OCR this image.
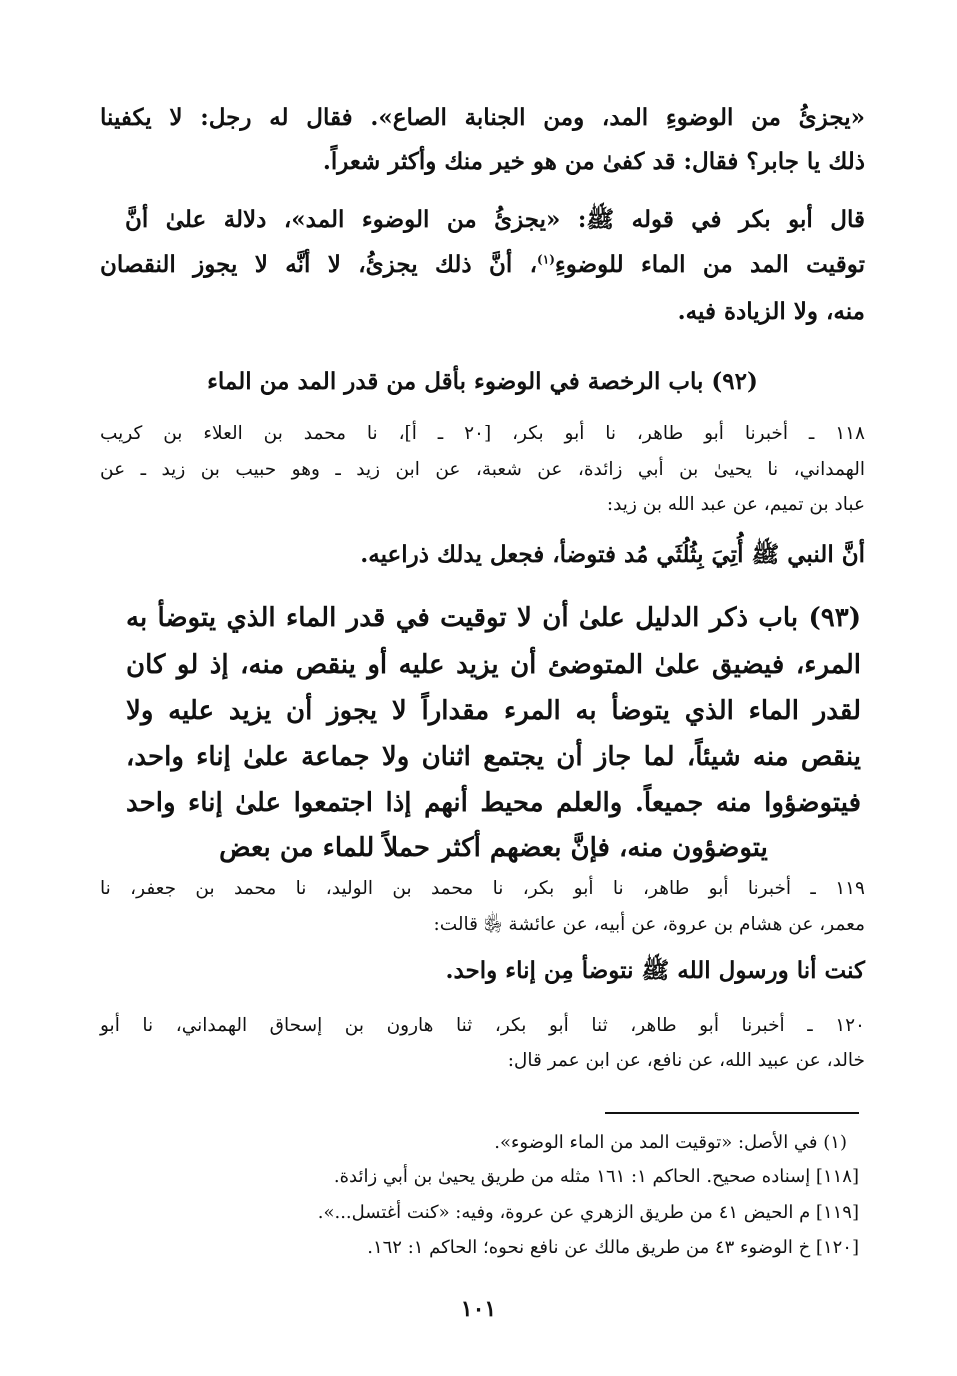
«يجزئُ من الوضوءِ المد، ومن الجنابة الصاع». فقال له رجل: لا يكفينا
ذلك يا جابر؟ فقال: قد كفىٰ من هو خير منك وأكثر شعراً.
قال أبو بكر في قوله ﷺ: «يجزئُ من الوضوء المد»، دلالة علىٰ أنَّ
توقيت المد من الماء للوضوءِ$^{(١)}$، أنَّ ذلك يجزئُ، لا أنَّه لا يجوز النقصان
منه، ولا الزيادة فيه.
(٩٢) باب الرخصة في الوضوء بأقل من قدر المد من الماء
١١٨ ـ أخبرنا أبو طاهر، نا أبو بكر، [٢٠ ـ أ]، نا محمد بن العلاء بن كريب
الهمداني، نا يحيىٰ بن أبي زائدة، عن شعبة، عن ابن زيد ـ وهو حبيب بن زيد ـ عن
عباد بن تميم، عن عبد الله بن زيد:
أنَّ النبي ﷺ أُتِيَ بِثُلُثَي مُد فتوضأ، فجعل يدلك ذراعيه.
(٩٣) باب ذكر الدليل علىٰ أن لا توقيت في قدر الماء الذي يتوضأ به
المرء، فيضيق علىٰ المتوضئ أن يزيد عليه أو ينقص منه، إذ لو كان
لقدر الماء الذي يتوضأ به المرء مقداراً لا يجوز أن يزيد عليه ولا
ينقص منه شيئاً، لما جاز أن يجتمع اثنان ولا جماعة علىٰ إناء واحد،
فيتوضؤوا منه جميعاً. والعلم محيط أنهم إذا اجتمعوا علىٰ إناء واحد
يتوضؤون منه، فإنَّ بعضهم أكثر حملاً للماء من بعض
١١٩ ـ أخبرنا أبو طاهر، نا أبو بكر، نا محمد بن الوليد، نا محمد بن جعفر، نا
معمر، عن هشام بن عروة، عن أبيه، عن عائشة ﵂ قالت:
كنت أنا ورسول الله ﷺ نتوضأ مِن إناء واحد.
١٢٠ ـ أخبرنا أبو طاهر، ثنا أبو بكر، ثنا هارون بن إسحاق الهمداني، نا أبو
خالد، عن عبيد الله، عن نافع، عن ابن عمر قال:
(١) في الأصل: «توقيت المد من الماء الوضوء».
[١١٨] إسناده صحيح. الحاكم ١: ١٦١ مثله من طريق يحيىٰ بن أبي زائدة.
[١١٩] م الحيض ٤١ من طريق الزهري عن عروة، وفيه: «كنت أغتسل...».
[١٢٠] خ الوضوء ٤٣ من طريق مالك عن نافع نحوه؛ الحاكم ١: ١٦٢.
١٠١
